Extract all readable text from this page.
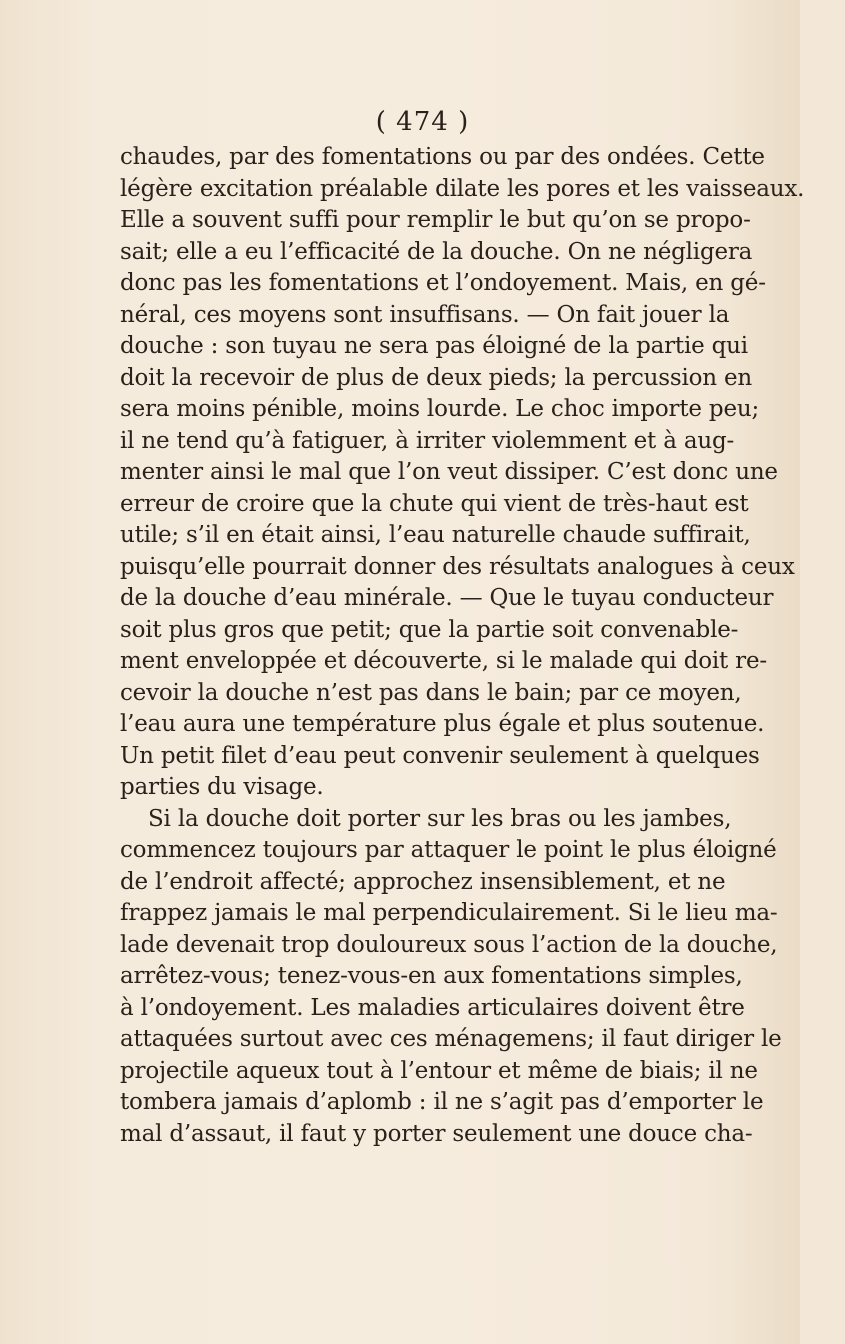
( 474 )
chaudes, par des fomentations ou par des ondées. Cette
légère excitation préalable dilate les pores et les vaisseaux.
Elle a souvent suffi pour remplir le but qu’on se propo-
sait; elle a eu l’efficacité de la douche. On ne négligera
donc pas les fomentations et l’ondoyement. Mais, en gé-
néral, ces moyens sont insuffisans. — On fait jouer la
douche : son tuyau ne sera pas éloigné de la partie qui
doit la recevoir de plus de deux pieds; la percussion en
sera moins pénible, moins lourde. Le choc importe peu;
il ne tend qu’à fatiguer, à irriter violemment et à aug-
menter ainsi le mal que l’on veut dissiper. C’est donc une
erreur de croire que la chute qui vient de très-haut est
utile; s’il en était ainsi, l’eau naturelle chaude suffirait,
puisqu’elle pourrait donner des résultats analogues à ceux
de la douche d’eau minérale. — Que le tuyau conducteur
soit plus gros que petit; que la partie soit convenable-
ment enveloppée et découverte, si le malade qui doit re-
cevoir la douche n’est pas dans le bain; par ce moyen,
l’eau aura une température plus égale et plus soutenue.
Un petit filet d’eau peut convenir seulement à quelques
parties du visage.
Si la douche doit porter sur les bras ou les jambes,
commencez toujours par attaquer le point le plus éloigné
de l’endroit affecté; approchez insensiblement, et ne
frappez jamais le mal perpendiculairement. Si le lieu ma-
lade devenait trop douloureux sous l’action de la douche,
arrêtez-vous; tenez-vous-en aux fomentations simples,
à l’ondoyement. Les maladies articulaires doivent être
attaquées surtout avec ces ménagemens; il faut diriger le
projectile aqueux tout à l’entour et même de biais; il ne
tombera jamais d’aplomb : il ne s’agit pas d’emporter le
mal d’assaut, il faut y porter seulement une douce cha-
